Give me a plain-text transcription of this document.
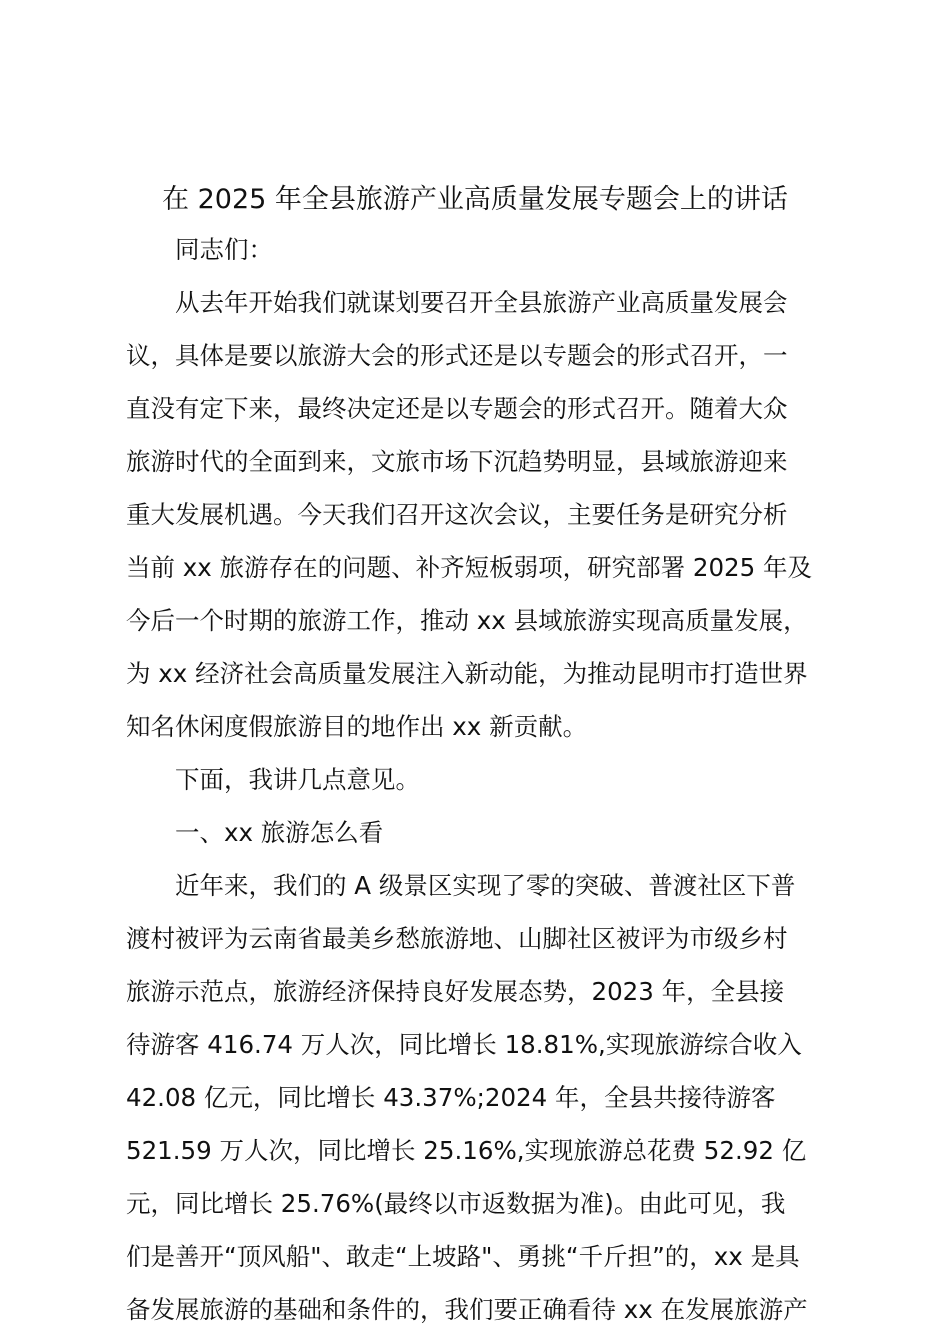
在 2025 年全县旅游产业高质量发展专题会上的讲话
同志们：
从去年开始我们就谋划要召开全县旅游产业高质量发展会
议，具体是要以旅游大会的形式还是以专题会的形式召开，一
直没有定下来，最终决定还是以专题会的形式召开。随着大众
旅游时代的全面到来，文旅市场下沉趋势明显，县域旅游迎来
重大发展机遇。今天我们召开这次会议，主要任务是研究分析
当前 xx 旅游存在的问题、补齐短板弱项，研究部署 2025 年及
今后一个时期的旅游工作，推动 xx 县域旅游实现高质量发展，
为 xx 经济社会高质量发展注入新动能，为推动昆明市打造世界
知名休闲度假旅游目的地作出 xx 新贡献。
下面，我讲几点意见。
一、xx 旅游怎么看
近年来，我们的 A 级景区实现了零的突破、普渡社区下普
渡村被评为云南省最美乡愁旅游地、山脚社区被评为市级乡村
旅游示范点，旅游经济保持良好发展态势，2023 年，全县接
待游客 416.74 万人次，同比增长 18.81%,实现旅游综合收入
42.08 亿元，同比增长 43.37%;2024 年，全县共接待游客
521.59 万人次，同比增长 25.16%,实现旅游总花费 52.92 亿
元，同比增长 25.76%(最终以市返数据为准)。由此可见，我
们是善开“顶风船"、敢走“上坡路"、勇挑“千斤担”的，xx 是具
备发展旅游的基础和条件的，我们要正确看待 xx 在发展旅游产
